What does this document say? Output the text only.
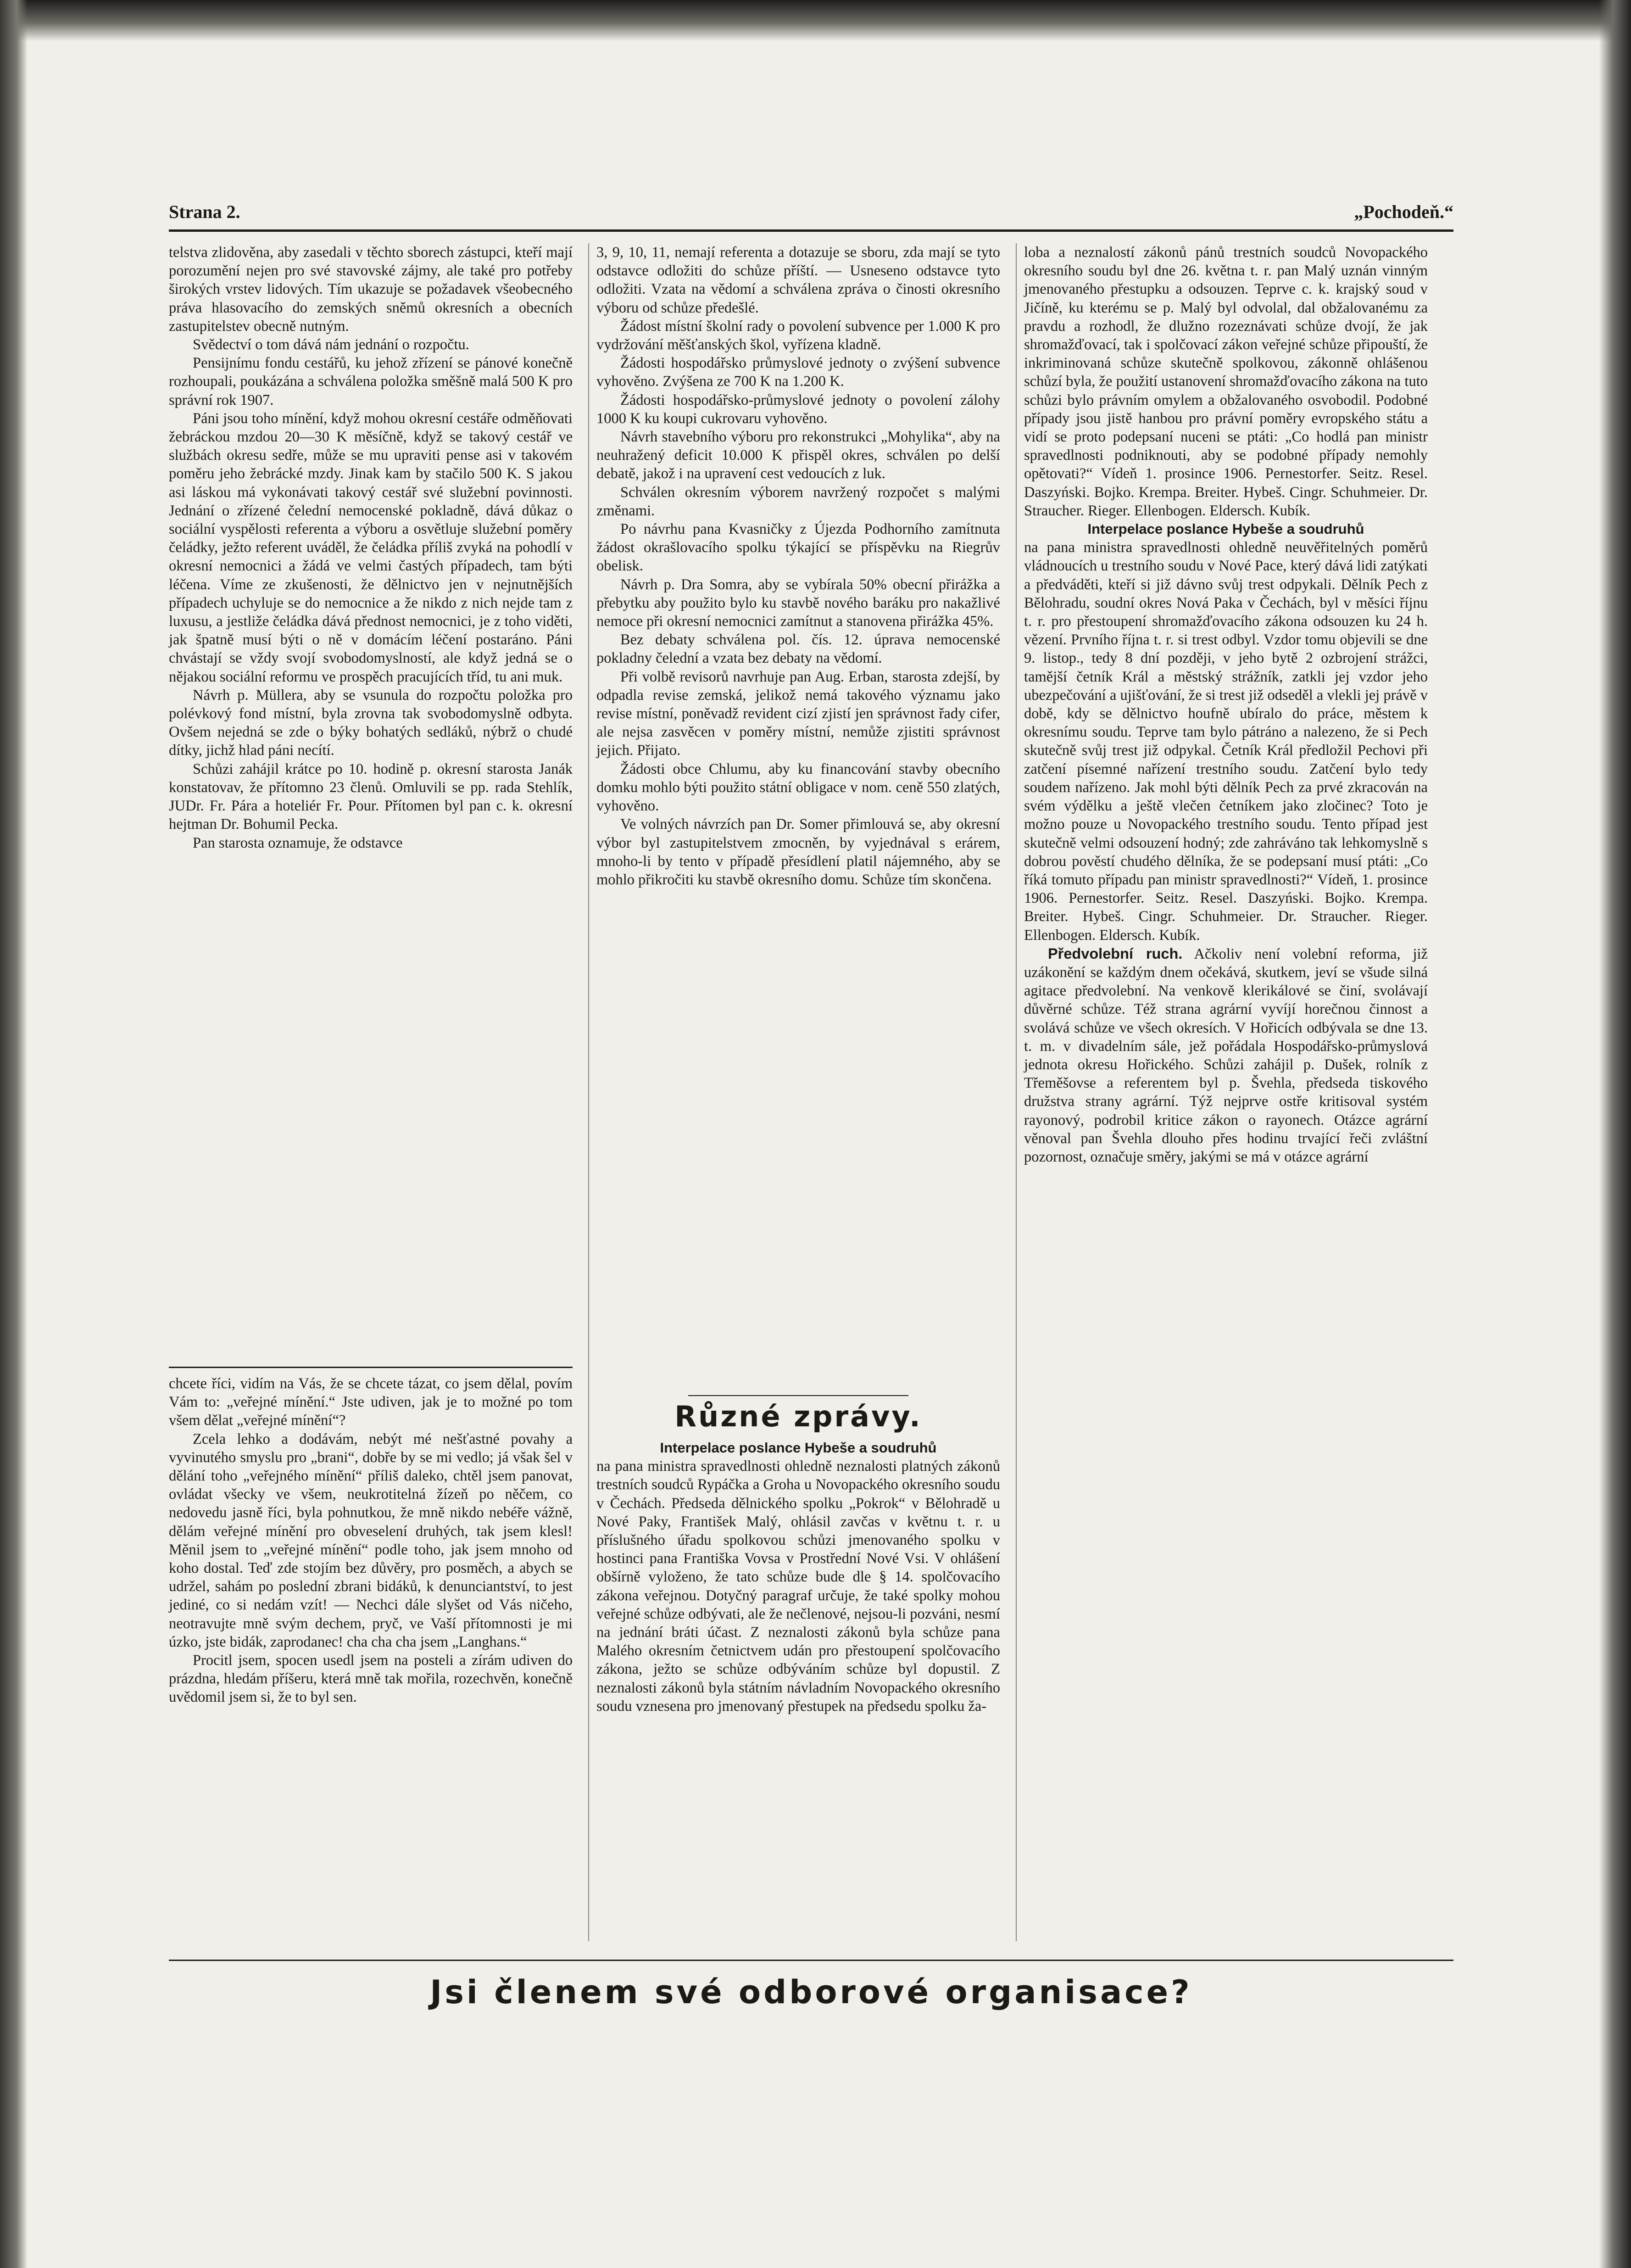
Strana 2.	„Pochodeň.“

telstva zlidověna, aby zasedali v těchto sborech zástupci, kteří mají porozumění nejen pro své stavovské zájmy, ale také pro potřeby širokých vrstev lidových. Tím ukazuje se požadavek všeobecného práva hlasovacího do zemských sněmů okresních a obecních zastupitelstev obecně nutným.

Svědectví o tom dává nám jednání o rozpočtu.

Pensijnímu fondu cestářů, ku jehož zřízení se pánové konečně rozhoupali, poukázána a schválena položka směšně malá 500 K pro správní rok 1907.

Páni jsou toho mínění, když mohou okresní cestáře odměňovati žebráckou mzdou 20—30 K měsíčně, když se takový cestář ve službách okresu sedře, může se mu upraviti pense asi v takovém poměru jeho žebrácké mzdy. Jinak kam by stačilo 500 K. S jakou asi láskou má vykonávati takový cestář své služební povinnosti. Jednání o zřízené čelední nemocenské pokladně, dává důkaz o sociální vyspělosti referenta a výboru a osvětluje služební poměry čeládky, ježto referent uváděl, že čeládka příliš zvyká na pohodlí v okresní nemocnici a žádá ve velmi častých případech, tam býti léčena. Víme ze zkušenosti, že dělnictvo jen v nejnutnějších případech uchyluje se do nemocnice a že nikdo z nich nejde tam z luxusu, a jestliže čeládka dává přednost nemocnici, je z toho viděti, jak špatně musí býti o ně v domácím léčení postaráno. Páni chvástají se vždy svojí svobodomyslností, ale když jedná se o nějakou sociální reformu ve prospěch pracujících tříd, tu ani muk.

Návrh p. Müllera, aby se vsunula do rozpočtu položka pro polévkový fond místní, byla zrovna tak svobodomyslně odbyta. Ovšem nejedná se zde o býky bohatých sedláků, nýbrž o chudé dítky, jichž hlad páni necítí.

Schůzi zahájil krátce po 10. hodině p. okresní starosta Janák konstatovav, že přítomno 23 členů. Omluvili se pp. rada Stehlík, JUDr. Fr. Pára a hoteliér Fr. Pour. Přítomen byl pan c. k. okresní hejtman Dr. Bohumil Pecka.

Pan starosta oznamuje, že odstavce

chcete říci, vidím na Vás, že se chcete tázat, co jsem dělal, povím Vám to: „veřejné mínění.“ Jste udiven, jak je to možné po tom všem dělat „veřejné mínění“?

Zcela lehko a dodávám, nebýt mé nešťastné povahy a vyvinutého smyslu pro „brani“, dobře by se mi vedlo; já však šel v dělání toho „veřejného mínění“ příliš daleko, chtěl jsem panovat, ovládat všecky ve všem, neukrotitelná žízeň po něčem, co nedovedu jasně říci, byla pohnutkou, že mně nikdo nebéře vážně, dělám veřejné mínění pro obveselení druhých, tak jsem klesl! Měnil jsem to „veřejné mínění“ podle toho, jak jsem mnoho od koho dostal. Teď zde stojím bez důvěry, pro posměch, a abych se udržel, sahám po poslední zbrani bidáků, k denunciantství, to jest jediné, co si nedám vzít! — Nechci dále slyšet od Vás ničeho, neotravujte mně svým dechem, pryč, ve Vaší přítomnosti je mi úzko, jste bidák, zaprodanec! cha cha cha jsem „Langhans.“

Procitl jsem, spocen usedl jsem na posteli a zírám udiven do prázdna, hledám příšeru, která mně tak mořila, rozechvěn, konečně uvědomil jsem si, že to byl sen.

3, 9, 10, 11, nemají referenta a dotazuje se sboru, zda mají se tyto odstavce odložiti do schůze příští. — Usneseno odstavce tyto odložiti. Vzata na vědomí a schválena zpráva o činosti okresního výboru od schůze předešlé.

Žádost místní školní rady o povolení subvence per 1.000 K pro vydržování měšťanských škol, vyřízena kladně.

Žádosti hospodářsko průmyslové jednoty o zvýšení subvence vyhověno. Zvýšena ze 700 K na 1.200 K.

Žádosti hospodářsko-průmyslové jednoty o povolení zálohy 1000 K ku koupi cukrovaru vyhověno.

Návrh stavebního výboru pro rekonstrukci „Mohylika“, aby na neuhražený deficit 10.000 K přispěl okres, schválen po delší debatě, jakož i na upravení cest vedoucích z luk.

Schválen okresním výborem navržený rozpočet s malými změnami.

Po návrhu pana Kvasničky z Újezda Podhorního zamítnuta žádost okrašlovacího spolku týkající se příspěvku na Riegrův obelisk.

Návrh p. Dra Somra, aby se vybírala 50% obecní přirážka a přebytku aby použito bylo ku stavbě nového baráku pro nakažlivé nemoce při okresní nemocnici zamítnut a stanovena přirážka 45%.

Bez debaty schválena pol. čís. 12. úprava nemocenské pokladny čelední a vzata bez debaty na vědomí.

Při volbě revisorů navrhuje pan Aug. Erban, starosta zdejší, by odpadla revise zemská, jelikož nemá takového významu jako revise místní, poněvadž revident cizí zjistí jen správnost řady cifer, ale nejsa zasvěcen v poměry místní, nemůže zjistiti správnost jejich. Přijato.

Žádosti obce Chlumu, aby ku financování stavby obecního domku mohlo býti použito státní obligace v nom. ceně 550 zlatých, vyhověno.

Ve volných návrzích pan Dr. Somer přimlouvá se, aby okresní výbor byl zastupitelstvem zmocněn, by vyjednával s erárem, mnoho-li by tento v případě přesídlení platil nájemného, aby se mohlo přikročiti ku stavbě okresního domu. Schůze tím skončena.

Různé zprávy.
Interpelace poslance Hybeše a soudruhů

na pana ministra spravedlnosti ohledně neznalosti platných zákonů trestních soudců Rypáčka a Groha u Novopackého okresního soudu v Čechách. Předseda dělnického spolku „Pokrok“ v Bělohradě u Nové Paky, František Malý, ohlásil zavčas v květnu t. r. u příslušného úřadu spolkovou schůzi jmenovaného spolku v hostinci pana Františka Vovsa v Prostřední Nové Vsi. V ohlášení obšírně vyloženo, že tato schůze bude dle § 14. spolčovacího zákona veřejnou. Dotyčný paragraf určuje, že také spolky mohou veřejné schůze odbývati, ale že nečlenové, nejsou-li pozváni, nesmí na jednání bráti účast. Z neznalosti zákonů byla schůze pana Malého okresním četnictvem udán pro přestoupení spolčovacího zákona, ježto se schůze odbýváním schůze byl dopustil. Z neznalosti zákonů byla státním návladním Novopackého okresního soudu vznesena pro jmenovaný přestupek na předsedu spolku ža-

loba a neznalostí zákonů pánů trestních soudců Novopackého okresního soudu byl dne 26. května t. r. pan Malý uznán vinným jmenovaného přestupku a odsouzen. Teprve c. k. krajský soud v Jičíně, ku kterému se p. Malý byl odvolal, dal obžalovanému za pravdu a rozhodl, že dlužno rozeznávati schůze dvojí, že jak shromažďovací, tak i spolčovací zákon veřejné schůze připouští, že inkriminovaná schůze skutečně spolkovou, zákonně ohlášenou schůzí byla, že použití ustanovení shromažďovacího zákona na tuto schůzi bylo právním omylem a obžalovaného osvobodil. Podobné případy jsou jistě hanbou pro právní poměry evropského státu a vidí se proto podepsaní nuceni se ptáti: „Co hodlá pan ministr spravedlnosti podniknouti, aby se podobné případy nemohly opětovati?“ Vídeň 1. prosince 1906. Pernestorfer. Seitz. Resel. Daszyński. Bojko. Krempa. Breiter. Hybeš. Cingr. Schuhmeier. Dr. Straucher. Rieger. Ellenbogen. Eldersch. Kubík.

Interpelace poslance Hybeše a soudruhů

na pana ministra spravedlnosti ohledně neuvěřitelných poměrů vládnoucích u trestního soudu v Nové Pace, který dává lidi zatýkati a předváděti, kteří si již dávno svůj trest odpykali. Dělník Pech z Bělohradu, soudní okres Nová Paka v Čechách, byl v měsíci říjnu t. r. pro přestoupení shromažďovacího zákona odsouzen ku 24 h. vězení. Prvního října t. r. si trest odbyl. Vzdor tomu objevili se dne 9. listop., tedy 8 dní později, v jeho bytě 2 ozbrojení strážci, tamější četník Král a městský strážník, zatkli jej vzdor jeho ubezpečování a ujišťování, že si trest již odseděl a vlekli jej právě v době, kdy se dělnictvo houfně ubíralo do práce, městem k okresnímu soudu. Teprve tam bylo pátráno a nalezeno, že si Pech skutečně svůj trest již odpykal. Četník Král předložil Pechovi při zatčení písemné nařízení trestního soudu. Zatčení bylo tedy soudem nařízeno. Jak mohl býti dělník Pech za prvé zkracován na svém výdělku a ještě vlečen četníkem jako zločinec? Toto je možno pouze u Novopackého trestního soudu. Tento případ jest skutečně velmi odsouzení hodný; zde zahráváno tak lehkomyslně s dobrou pověstí chudého dělníka, že se podepsaní musí ptáti: „Co říká tomuto případu pan ministr spravedlnosti?“ Vídeň, 1. prosince 1906. Pernestorfer. Seitz. Resel. Daszyński. Bojko. Krempa. Breiter. Hybeš. Cingr. Schuhmeier. Dr. Straucher. Rieger. Ellenbogen. Eldersch. Kubík.

Předvolební ruch. Ačkoliv není volební reforma, již uzákonění se každým dnem očekává, skutkem, jeví se všude silná agitace předvolební. Na venkově klerikálové se činí, svolávají důvěrné schůze. Též strana agrární vyvíjí horečnou činnost a svolává schůze ve všech okresích. V Hořicích odbývala se dne 13. t. m. v divadelním sále, jež pořádala Hospodářsko-průmyslová jednota okresu Hořického. Schůzi zahájil p. Dušek, rolník z Třeměšovse a referentem byl p. Švehla, předseda tiskového družstva strany agrární. Týž nejprve ostře kritisoval systém rayonový, podrobil kritice zákon o rayonech. Otázce agrární věnoval pan Švehla dlouho přes hodinu trvající řeči zvláštní pozornost, označuje směry, jakými se má v otázce agrární

Jsi členem své odborové organisace?
